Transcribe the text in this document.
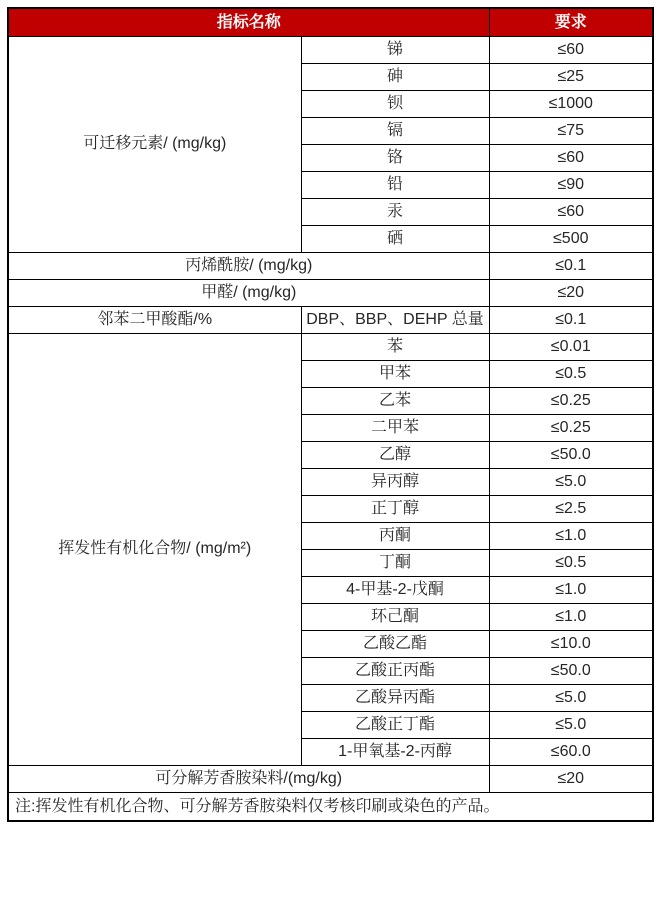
指标名称		要求
可迁移元素/ (mg/kg)	锑	≤60
	砷	≤25
	钡	≤1000
	镉	≤75
	铬	≤60
	铅	≤90
	汞	≤60
	硒	≤500
丙烯酰胺/ (mg/kg)		≤0.1
甲醛/ (mg/kg)		≤20
邻苯二甲酸酯/%	DBP、BBP、DEHP 总量	≤0.1
挥发性有机化合物/ (mg/m²)	苯	≤0.01
	甲苯	≤0.5
	乙苯	≤0.25
	二甲苯	≤0.25
	乙醇	≤50.0
	异丙醇	≤5.0
	正丁醇	≤2.5
	丙酮	≤1.0
	丁酮	≤0.5
	4-甲基-2-戊酮	≤1.0
	环己酮	≤1.0
	乙酸乙酯	≤10.0
	乙酸正丙酯	≤50.0
	乙酸异丙酯	≤5.0
	乙酸正丁酯	≤5.0
	1-甲氧基-2-丙醇	≤60.0
可分解芳香胺染料/(mg/kg)		≤20
注:挥发性有机化合物、可分解芳香胺染料仅考核印刷或染色的产品。		
